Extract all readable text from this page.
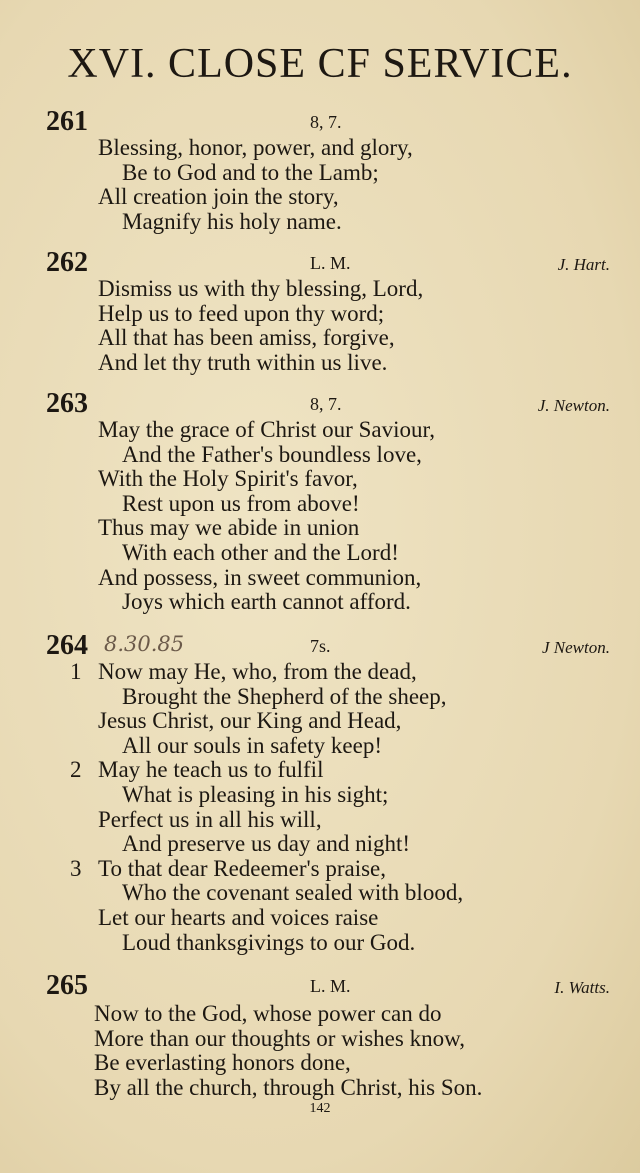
XVI. CLOSE CF SERVICE.
261	8, 7.
Blessing, honor, power, and glory,
Be to God and to the Lamb;
All creation join the story,
Magnify his holy name.
262	L. M.	J. Hart.
Dismiss us with thy blessing, Lord,
Help us to feed upon thy word;
All that has been amiss, forgive,
And let thy truth within us live.
263	8, 7.	J. Newton.
May the grace of Christ our Saviour,
And the Father's boundless love,
With the Holy Spirit's favor,
Rest upon us from above!
Thus may we abide in union
With each other and the Lord!
And possess, in sweet communion,
Joys which earth cannot afford.
264 8.30.85	7s.	J Newton.
1 Now may He, who, from the dead,
Brought the Shepherd of the sheep,
Jesus Christ, our King and Head,
All our souls in safety keep!
2 May he teach us to fulfil
What is pleasing in his sight;
Perfect us in all his will,
And preserve us day and night!
3 To that dear Redeemer's praise,
Who the covenant sealed with blood,
Let our hearts and voices raise
Loud thanksgivings to our God.
265	L. M.	I. Watts.
Now to the God, whose power can do
More than our thoughts or wishes know,
Be everlasting honors done,
By all the church, through Christ, his Son.
142
